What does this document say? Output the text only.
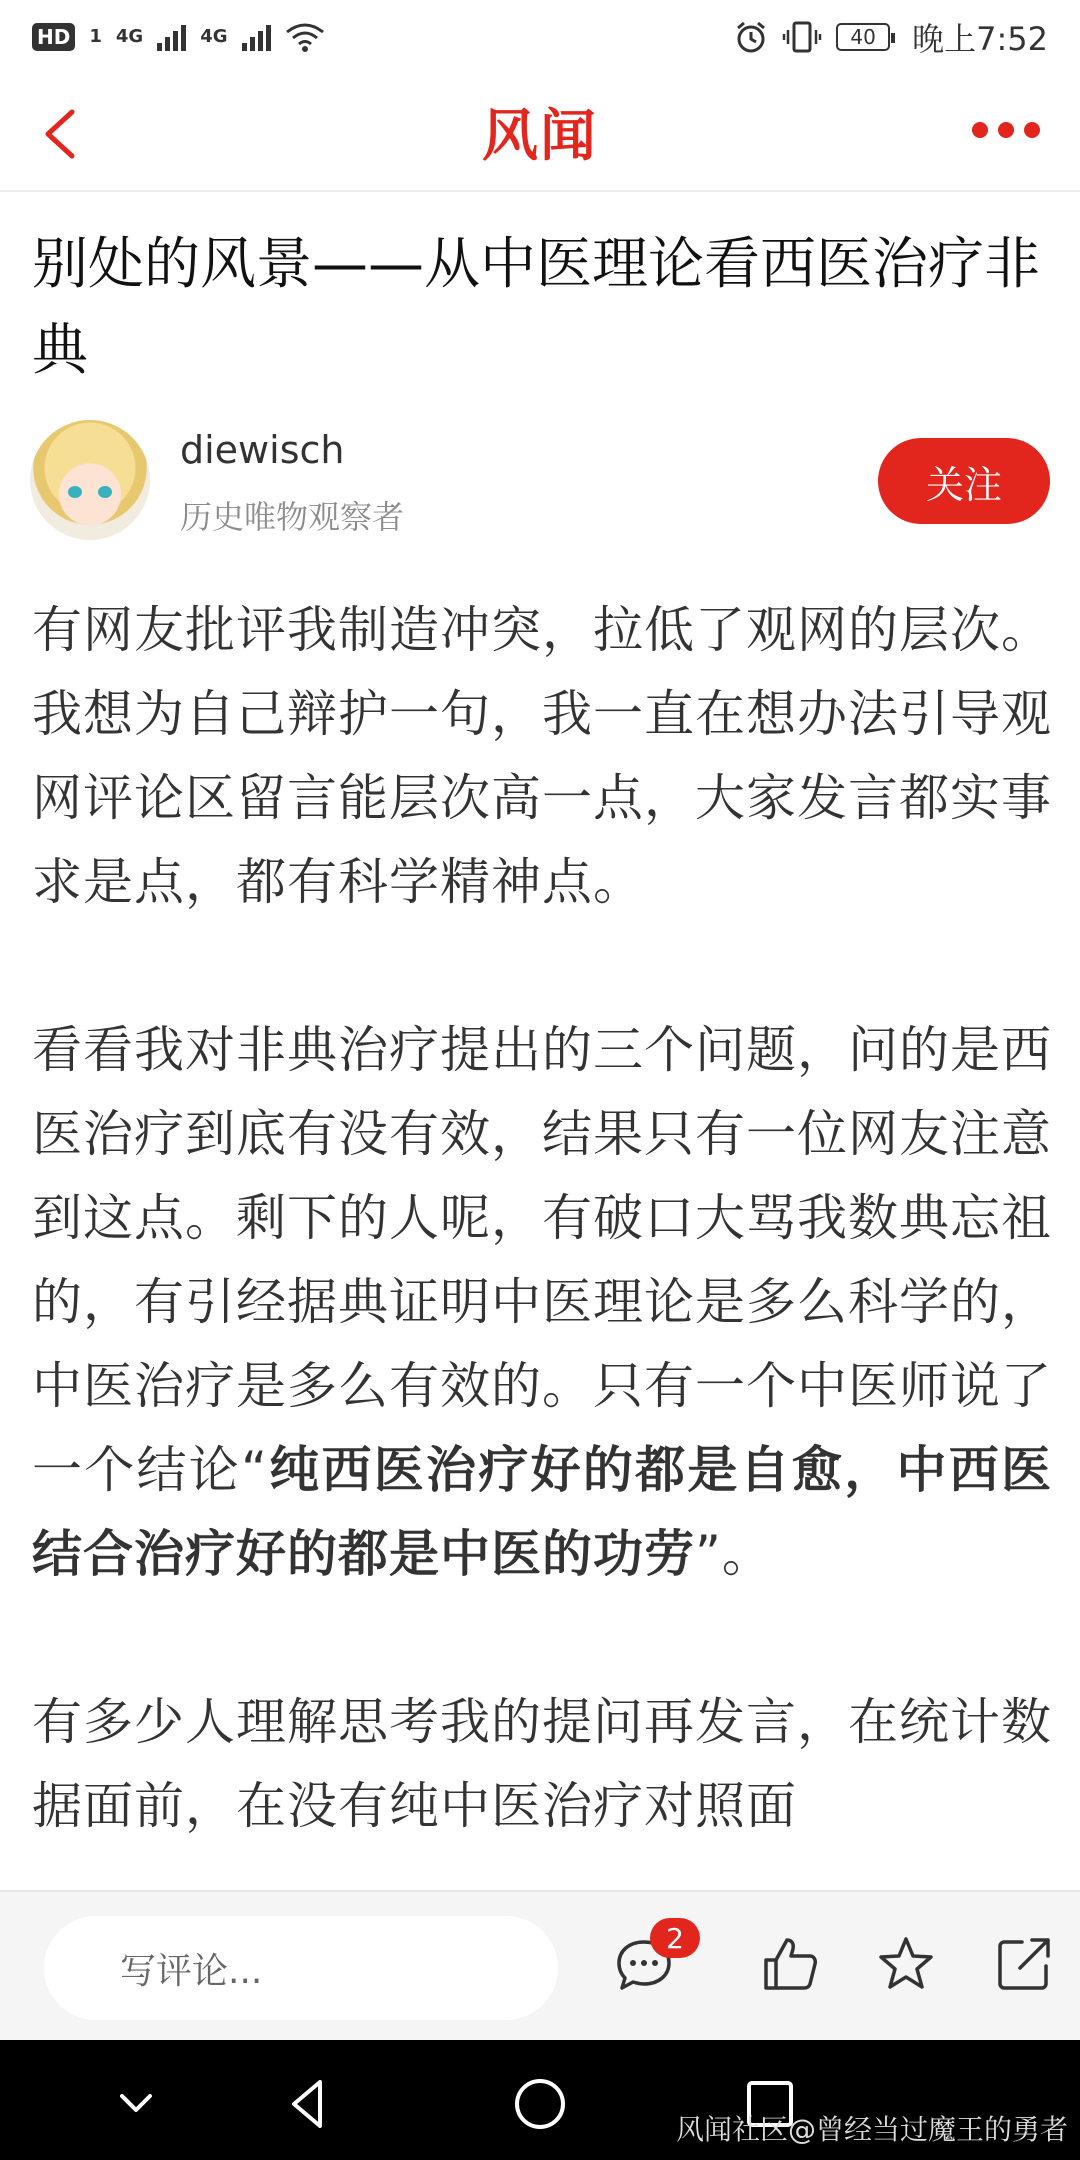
HD 1 4G	4G	40	晚上7:52
风闻
别处的风景——从中医理论看西医治疗非典
diewisch
历史唯物观察者
关注

有网友批评我制造冲突，拉低了观网的层次。我想为自己辩护一句，我一直在想办法引导观网评论区留言能层次高一点，大家发言都实事求是点，都有科学精神点。

看看我对非典治疗提出的三个问题，问的是西医治疗到底有没有效，结果只有一位网友注意到这点。剩下的人呢，有破口大骂我数典忘祖的，有引经据典证明中医理论是多么科学的，中医治疗是多么有效的。只有一个中医师说了一个结论“纯西医治疗好的都是自愈，中西医结合治疗好的都是中医的功劳”。

有多少人理解思考我的提问再发言，在统计数据面前，在没有纯中医治疗对照面

写评论...
2
风闻社区@曾经当过魔王的勇者
